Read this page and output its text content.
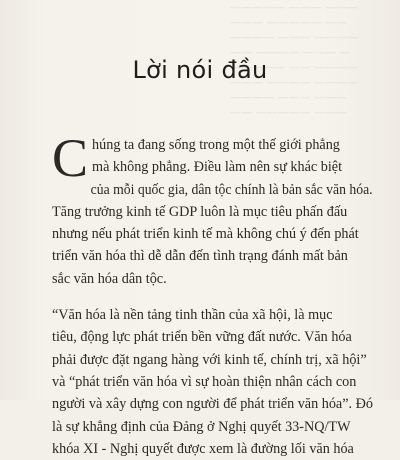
————— ——— ———
——— ————— ——
———— ——— ————
—— ———— ——— —
————— —— ————
——— ———— ————
———— ——— ———
—— ————— ———
Lời nói đầu
C húng ta đang sống trong một thế giới phẳng
mà không phẳng. Điều làm nên sự khác biệt
của mỗi quốc gia, dân tộc chính là bản sắc văn hóa.
Tăng trưởng kinh tế GDP luôn là mục tiêu phấn đấu
nhưng nếu phát triển kinh tế mà không chú ý đến phát
triển văn hóa thì dễ dẫn đến tình trạng đánh mất bản
sắc văn hóa dân tộc.
“Văn hóa là nền tảng tinh thần của xã hội, là mục
tiêu, động lực phát triển bền vững đất nước. Văn hóa
phải được đặt ngang hàng với kinh tế, chính trị, xã hội”
và “phát triển văn hóa vì sự hoàn thiện nhân cách con
người và xây dựng con người để phát triển văn hóa”. Đó
là sự khẳng định của Đảng ở Nghị quyết 33-NQ/TW
khóa XI - Nghị quyết được xem là đường lối văn hóa
